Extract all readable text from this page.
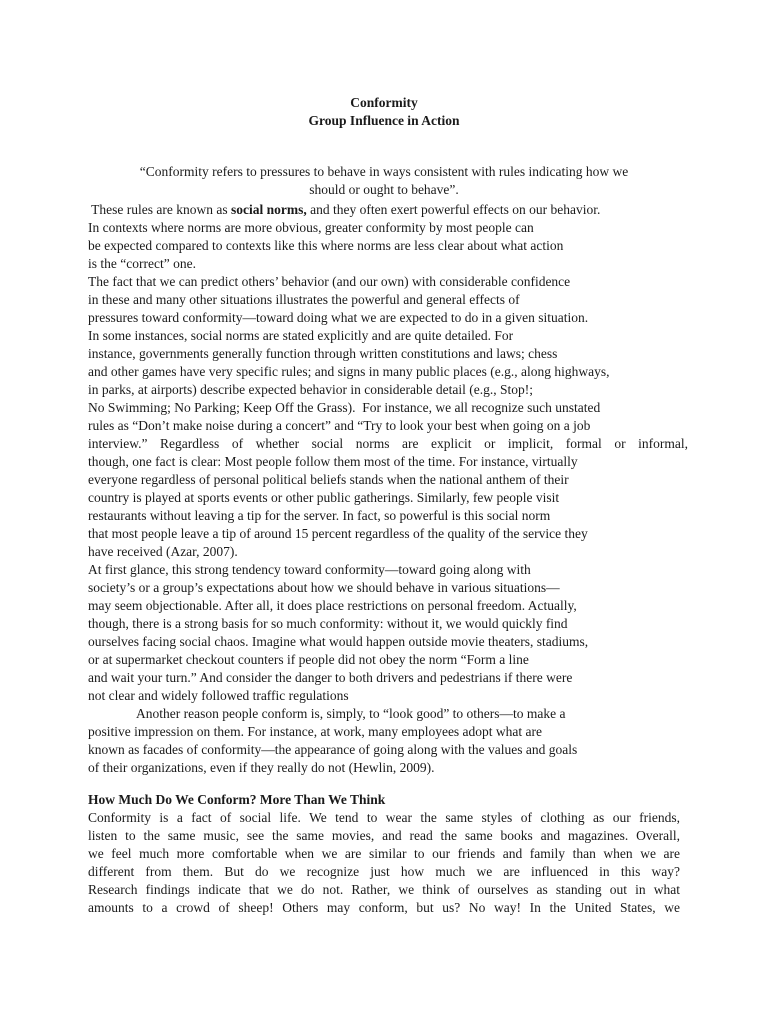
Conformity
Group Influence in Action
“Conformity refers to pressures to behave in ways consistent with rules indicating how we
should or ought to behave”.
These rules are known as social norms, and they often exert powerful effects on our behavior.
In contexts where norms are more obvious, greater conformity by most people can
be expected compared to contexts like this where norms are less clear about what action
is the “correct” one.
The fact that we can predict others’ behavior (and our own) with considerable confidence
in these and many other situations illustrates the powerful and general effects of
pressures toward conformity—toward doing what we are expected to do in a given situation.
In some instances, social norms are stated explicitly and are quite detailed. For
instance, governments generally function through written constitutions and laws; chess
and other games have very specific rules; and signs in many public places (e.g., along highways,
in parks, at airports) describe expected behavior in considerable detail (e.g., Stop!;
No Swimming; No Parking; Keep Off the Grass).  For instance, we all recognize such unstated
rules as “Don’t make noise during a concert” and “Try to look your best when going on a job
interview.” Regardless of whether social norms are explicit or implicit, formal or informal,
though, one fact is clear: Most people follow them most of the time. For instance, virtually
everyone regardless of personal political beliefs stands when the national anthem of their
country is played at sports events or other public gatherings. Similarly, few people visit
restaurants without leaving a tip for the server. In fact, so powerful is this social norm
that most people leave a tip of around 15 percent regardless of the quality of the service they
have received (Azar, 2007).
At first glance, this strong tendency toward conformity—toward going along with
society’s or a group’s expectations about how we should behave in various situations—
may seem objectionable. After all, it does place restrictions on personal freedom. Actually,
though, there is a strong basis for so much conformity: without it, we would quickly find
ourselves facing social chaos. Imagine what would happen outside movie theaters, stadiums,
or at supermarket checkout counters if people did not obey the norm “Form a line
and wait your turn.” And consider the danger to both drivers and pedestrians if there were
not clear and widely followed traffic regulations
Another reason people conform is, simply, to “look good” to others—to make a
positive impression on them. For instance, at work, many employees adopt what are
known as facades of conformity—the appearance of going along with the values and goals
of their organizations, even if they really do not (Hewlin, 2009).
How Much Do We Conform? More Than We Think
Conformity is a fact of social life. We tend to wear the same styles of clothing as our friends,
listen to the same music, see the same movies, and read the same books and magazines. Overall,
we feel much more comfortable when we are similar to our friends and family than when we are
different from them. But do we recognize just how much we are influenced in this way?
Research findings indicate that we do not. Rather, we think of ourselves as standing out in what
amounts to a crowd of sheep! Others may conform, but us? No way! In the United States, we
